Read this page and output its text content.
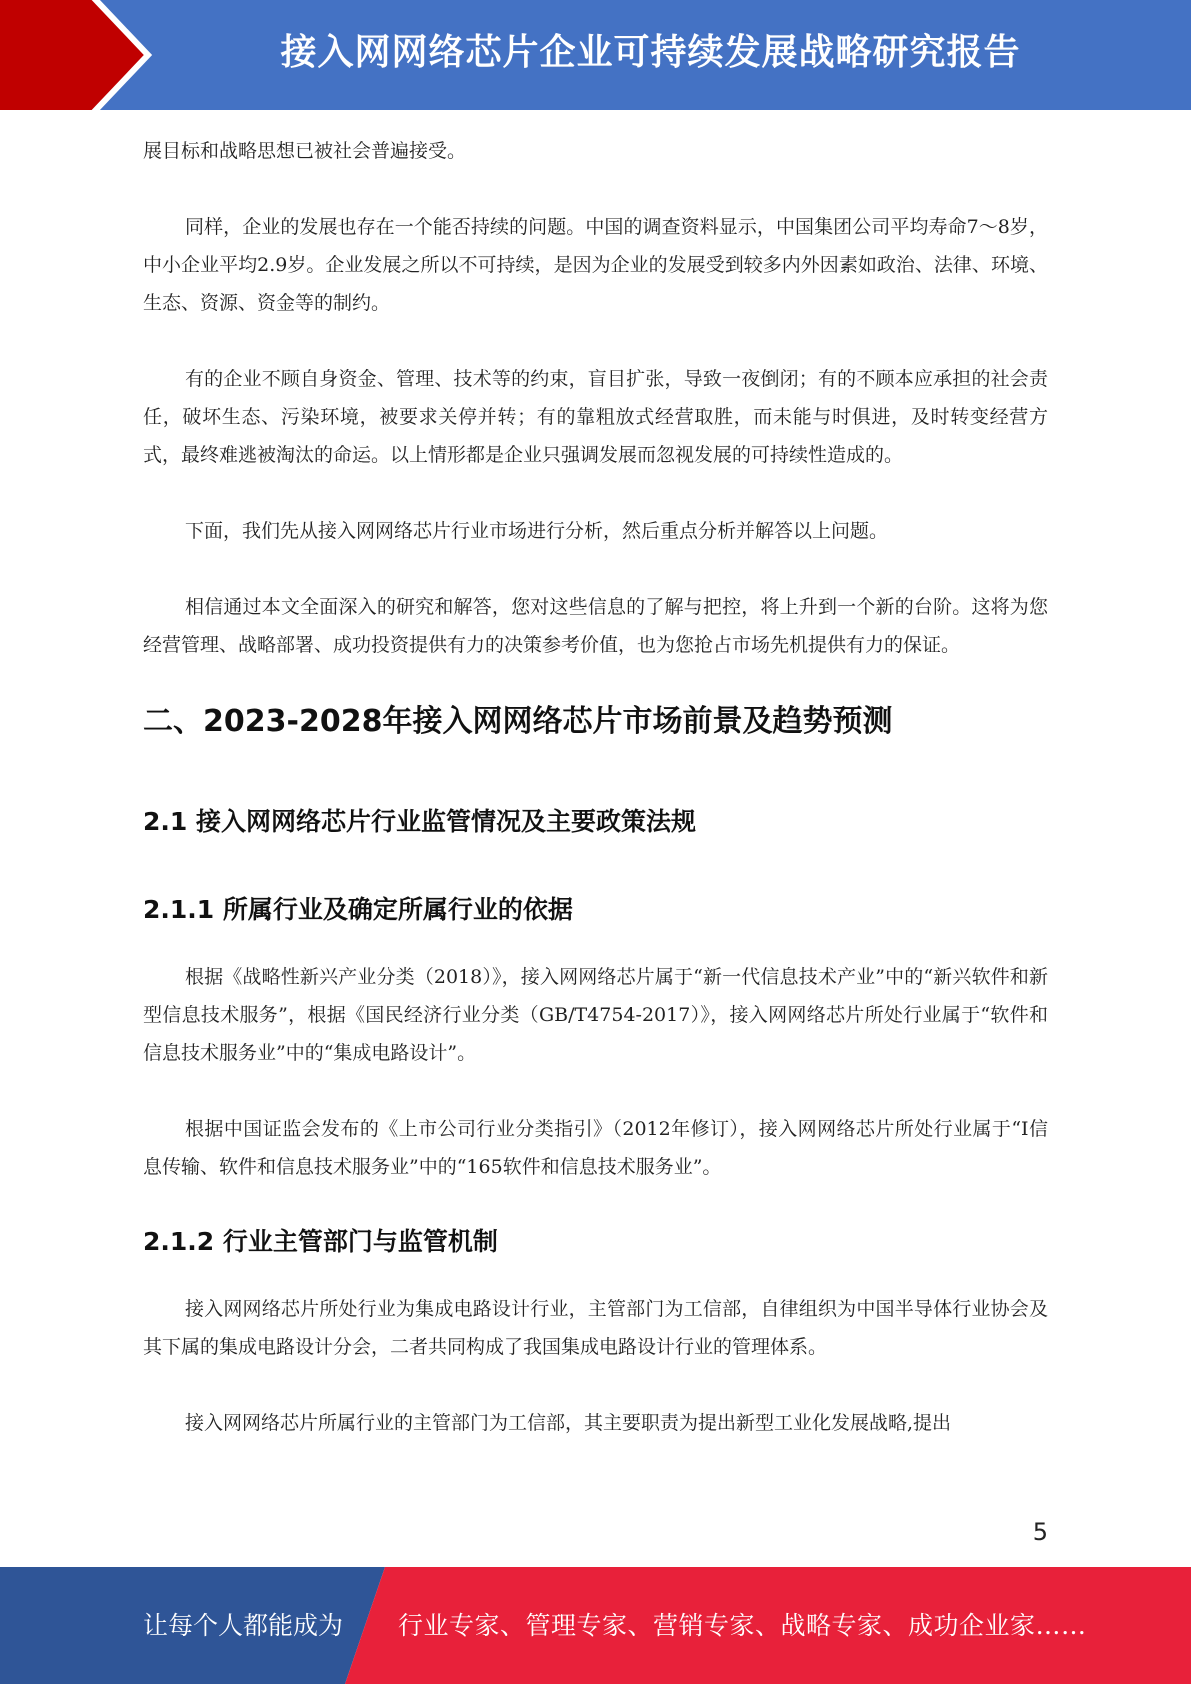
接入网网络芯片企业可持续发展战略研究报告

展目标和战略思想已被社会普遍接受。

同样，企业的发展也存在一个能否持续的问题。中国的调查资料显示，中国集团公司平均寿命7～8岁，中小企业平均2.9岁。企业发展之所以不可持续，是因为企业的发展受到较多内外因素如政治、法律、环境、生态、资源、资金等的制约。

有的企业不顾自身资金、管理、技术等的约束，盲目扩张，导致一夜倒闭；有的不顾本应承担的社会责任，破坏生态、污染环境，被要求关停并转；有的靠粗放式经营取胜，而未能与时俱进，及时转变经营方式，最终难逃被淘汰的命运。以上情形都是企业只强调发展而忽视发展的可持续性造成的。

下面，我们先从接入网网络芯片行业市场进行分析，然后重点分析并解答以上问题。

相信通过本文全面深入的研究和解答，您对这些信息的了解与把控，将上升到一个新的台阶。这将为您经营管理、战略部署、成功投资提供有力的决策参考价值，也为您抢占市场先机提供有力的保证。

二、2023-2028年接入网网络芯片市场前景及趋势预测
2.1 接入网网络芯片行业监管情况及主要政策法规
2.1.1 所属行业及确定所属行业的依据

根据《战略性新兴产业分类（2018）》，接入网网络芯片属于“新一代信息技术产业”中的“新兴软件和新型信息技术服务”，根据《国民经济行业分类（GB/T4754-2017）》，接入网网络芯片所处行业属于“软件和信息技术服务业”中的“集成电路设计”。

根据中国证监会发布的《上市公司行业分类指引》（2012年修订），接入网网络芯片所处行业属于“I信息传输、软件和信息技术服务业”中的“165软件和信息技术服务业”。

2.1.2 行业主管部门与监管机制

接入网网络芯片所处行业为集成电路设计行业，主管部门为工信部，自律组织为中国半导体行业协会及其下属的集成电路设计分会，二者共同构成了我国集成电路设计行业的管理体系。

接入网网络芯片所属行业的主管部门为工信部，其主要职责为提出新型工业化发展战略,提出

5
让每个人都能成为 行业专家、管理专家、营销专家、战略专家、成功企业家……
